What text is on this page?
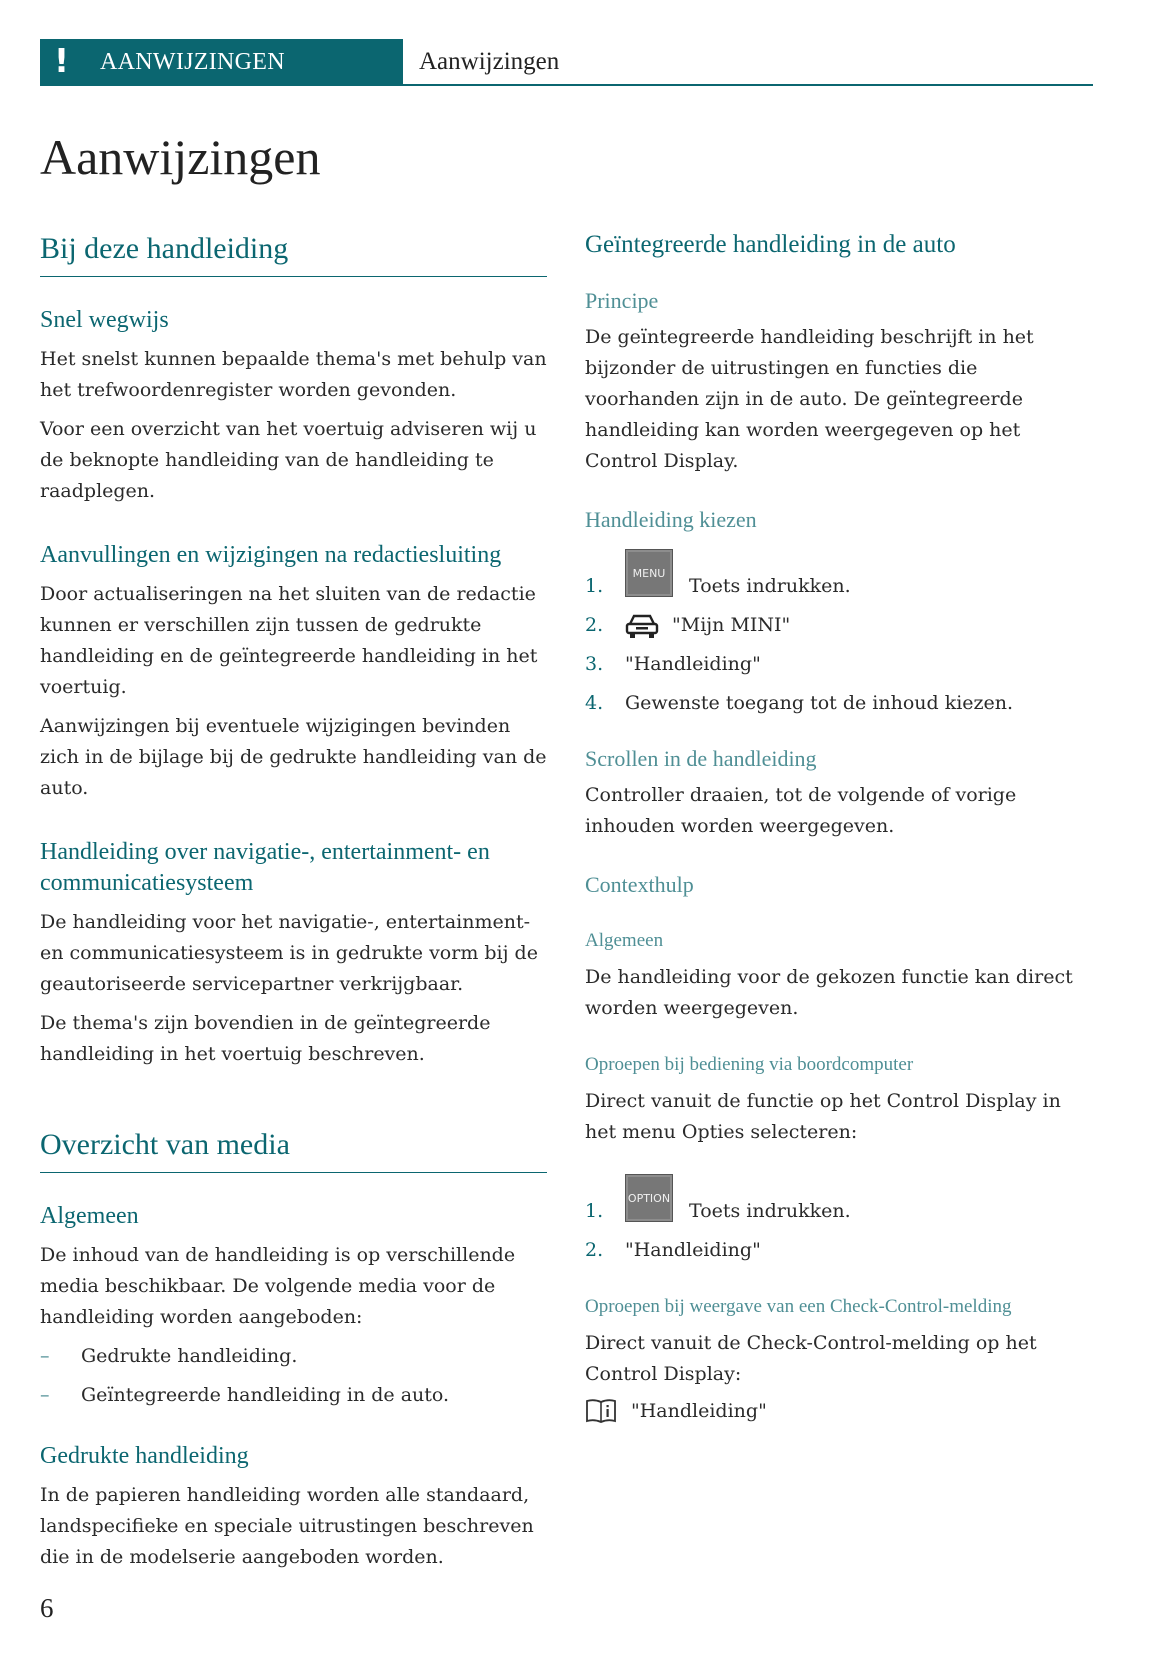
! AANWIJZINGEN	Aanwijzingen
Aanwijzingen
Bij deze handleiding
Snel wegwijs

Het snelst kunnen bepaalde thema's met behulp van het trefwoordenregister worden gevonden.

Voor een overzicht van het voertuig adviseren wij u de beknopte handleiding van de handleiding te raadplegen.

Aanvullingen en wijzigingen na redactiesluiting

Door actualiseringen na het sluiten van de redactie kunnen er verschillen zijn tussen de gedrukte handleiding en de geïntegreerde handleiding in het voertuig.

Aanwijzingen bij eventuele wijzigingen bevinden zich in de bijlage bij de gedrukte handleiding van de auto.

Handleiding over navigatie-, entertainment- en communicatiesysteem

De handleiding voor het navigatie-, entertainment- en communicatiesysteem is in gedrukte vorm bij de geautoriseerde servicepartner verkrijgbaar.

De thema's zijn bovendien in de geïntegreerde handleiding in het voertuig beschreven.

Overzicht van media
Algemeen

De inhoud van de handleiding is op verschillende media beschikbaar. De volgende media voor de handleiding worden aangeboden:

– Gedrukte handleiding.
– Geïntegreerde handleiding in de auto.
Gedrukte handleiding

In de papieren handleiding worden alle standaard, landspecifieke en speciale uitrustingen beschreven die in de modelserie aangeboden worden.

Geïntegreerde handleiding in de auto
Principe

De geïntegreerde handleiding beschrijft in het bijzonder de uitrustingen en functies die voorhanden zijn in de auto. De geïntegreerde handleiding kan worden weergegeven op het Control Display.

Handleiding kiezen
1.
MENU
Toets indrukken.
2.	"Mijn MINI"
3. "Handleiding"
4. Gewenste toegang tot de inhoud kiezen.
Scrollen in de handleiding

Controller draaien, tot de volgende of vorige inhouden worden weergegeven.

Contexthulp
Algemeen

De handleiding voor de gekozen functie kan direct worden weergegeven.

Oproepen bij bediening via boordcomputer

Direct vanuit de functie op het Control Display in het menu Opties selecteren:

1.
OPTION
Toets indrukken.
2. "Handleiding"
Oproepen bij weergave van een Check-Control-melding

Direct vanuit de Check-Control-melding op het Control Display:

"Handleiding"
6
